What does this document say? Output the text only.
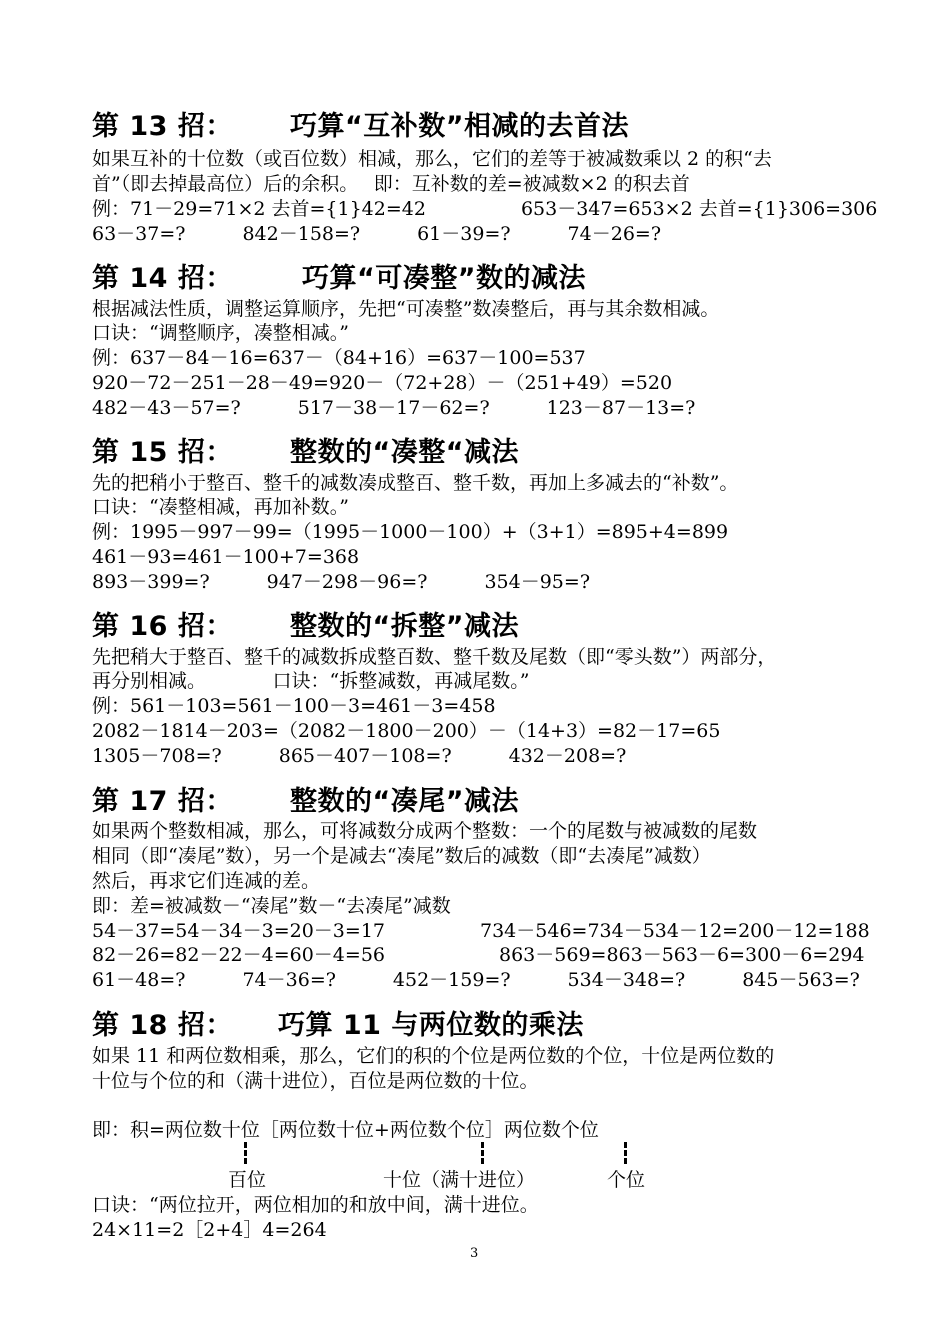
第 13 招： 巧算“互补数”相减的去首法
如果互补的十位数（或百位数）相减，那么，它们的差等于被减数乘以 2 的积“去
首”（即去掉最高位）后的余积。　 即：互补数的差=被减数×2 的积去首
例：71－29=71×2 去首={1}42=42　　　　　653－347=653×2 去首={1}306=306
63－37=?　　　842－158=?　　　61－39=?　　　74－26=?
第 14 招：	巧算“可凑整”数的减法
根据减法性质，调整运算顺序，先把“可凑整”数凑整后，再与其余数相减。
口诀：“调整顺序，凑整相减。”
例：637－84－16=637－（84+16）=637－100=537
920－72－251－28－49=920－（72+28）－（251+49）=520
482－43－57=?　　　517－38－17－62=?　　　123－87－13=?
第 15 招： 整数的“凑整“减法
先的把稍小于整百、整千的减数凑成整百、整千数，再加上多减去的“补数”。
口诀：“凑整相减，再加补数。”
例：1995－997－99=（1995－1000－100）+（3+1）=895+4=899
461－93=461－100+7=368
893－399=?　　　947－298－96=?　　　354－95=?
第 16 招： 整数的“拆整”减法
先把稍大于整百、整千的减数拆成整百数、整千数及尾数（即“零头数”）两部分，
再分别相减。　　　　口诀：“拆整减数，再减尾数。”
例：561－103=561－100－3=461－3=458
2082－1814－203=（2082－1800－200）－（14+3）=82－17=65
1305－708=?　　　865－407－108=?　　　432－208=?
第 17 招： 整数的“凑尾”减法
如果两个整数相减，那么，可将减数分成两个整数：一个的尾数与被减数的尾数
相同（即“凑尾”数），另一个是减去“凑尾”数后的减数（即“去凑尾”减数）
然后，再求它们连减的差。
即：差=被减数－“凑尾”数－“去凑尾”减数
54－37=54－34－3=20－3=17　　　　　734－546=734－534－12=200－12=188
82－26=82－22－4=60－4=56　　　　　　863－569=863－563－6=300－6=294
61－48=?　　　74－36=?　　　452－159=?　　　534－348=?　　　845－563=?
第 18 招： 巧算 11 与两位数的乘法
如果 11 和两位数相乘，那么，它们的积的个位是两位数的个位，十位是两位数的
十位与个位的和（满十进位），百位是两位数的十位。
即：积=两位数十位［两位数十位+两位数个位］两位数个位
百位	十位（满十进位）	个位
口诀：“两位拉开，两位相加的和放中间，满十进位。
24×11=2［2+4］4=264
3
